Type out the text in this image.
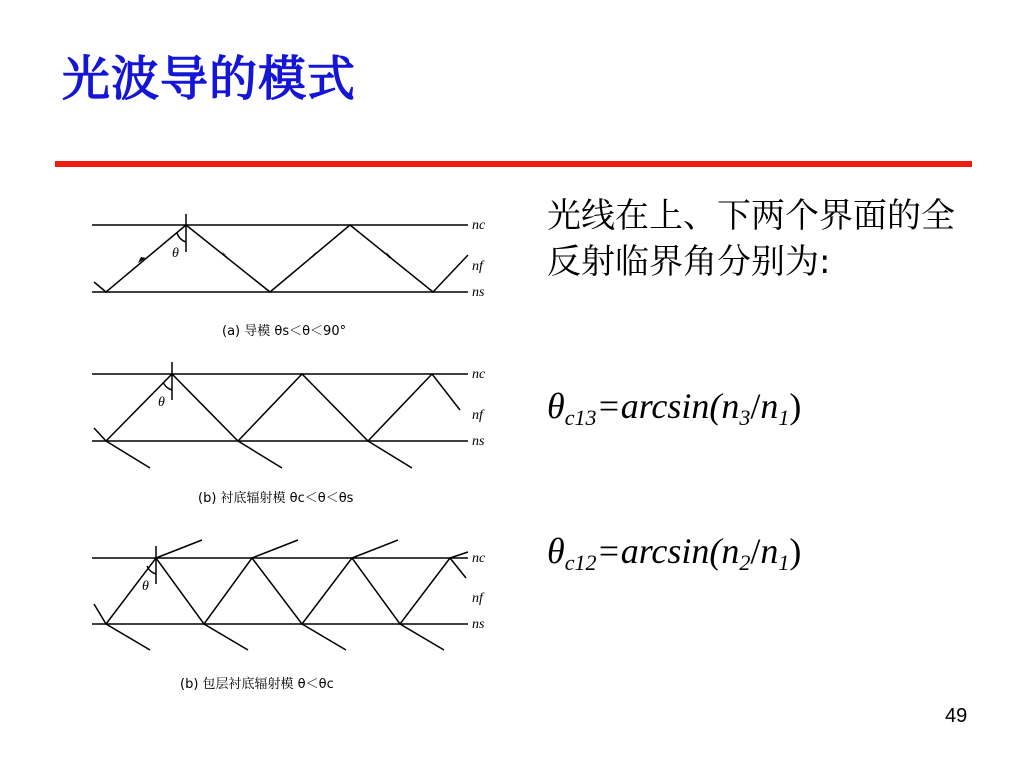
光波导的模式
θ
nc
nf
ns
(a) 导模 θs＜θ＜90°
θ
nc
nf
ns
(b) 衬底辐射模 θc＜θ＜θs
θ
nc
nf
ns
(b) 包层衬底辐射模 θ＜θc
光线在上、下两个界面的全反射临界角分别为:
$\theta_{c13}=\arcsin(n_3/n_1)$
$\theta_{c12}=\arcsin(n_2/n_1)$
49
